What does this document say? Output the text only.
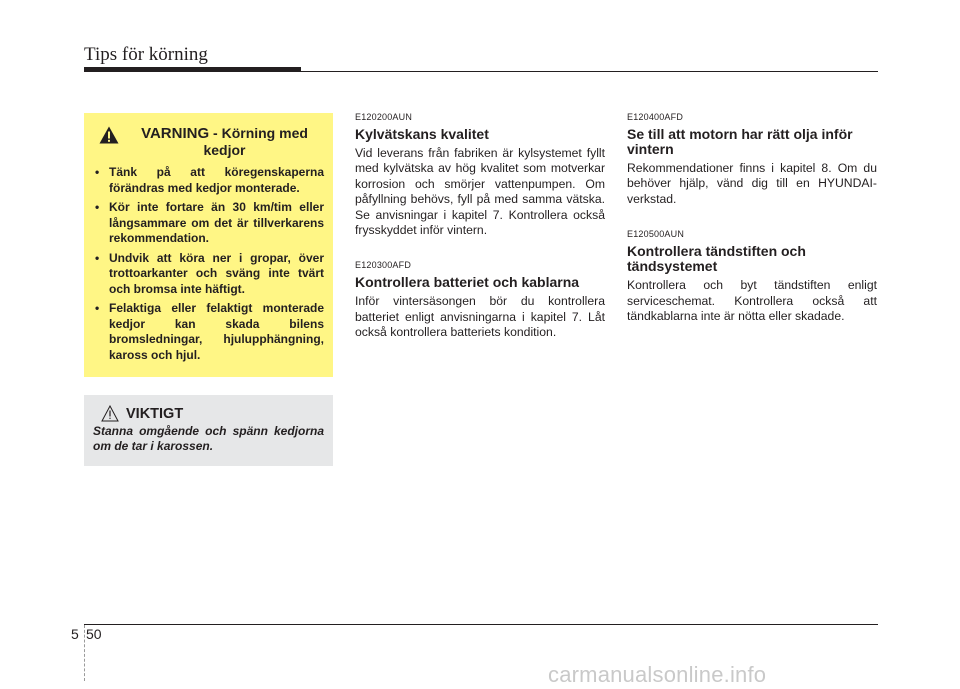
Tips för körning
VARNING - Körning med kedjor
• Tänk på att köregenskaperna förändras med kedjor monterade.
• Kör inte fortare än 30 km/tim eller långsammare om det är tillverkarens rekommendation.
• Undvik att köra ner i gropar, över trottoarkanter och sväng inte tvärt och bromsa inte häftigt.
• Felaktiga eller felaktigt monterade kedjor kan skada bilens bromsledningar, hjulupphängning, kaross och hjul.
VIKTIGT
Stanna omgående och spänn kedjorna om de tar i karossen.
E120200AUN
Kylvätskans kvalitet
Vid leverans från fabriken är kylsystemet fyllt med kylvätska av hög kvalitet som motverkar korrosion och smörjer vattenpumpen. Om påfyllning behövs, fyll på med samma vätska. Se anvisningar i kapitel 7. Kontrollera också frysskyddet inför vintern.
E120300AFD
Kontrollera batteriet och kablarna
Inför vintersäsongen bör du kontrollera batteriet enligt anvisningarna i kapitel 7. Låt också kontrollera batteriets kondition.
E120400AFD
Se till att motorn har rätt olja inför vintern
Rekommendationer finns i kapitel 8. Om du behöver hjälp, vänd dig till en HYUNDAI-verkstad.
E120500AUN
Kontrollera tändstiften och tändsystemet
Kontrollera och byt tändstiften enligt serviceschemat. Kontrollera också att tändkablarna inte är nötta eller skadade.
5 50
carmanualsonline.info
